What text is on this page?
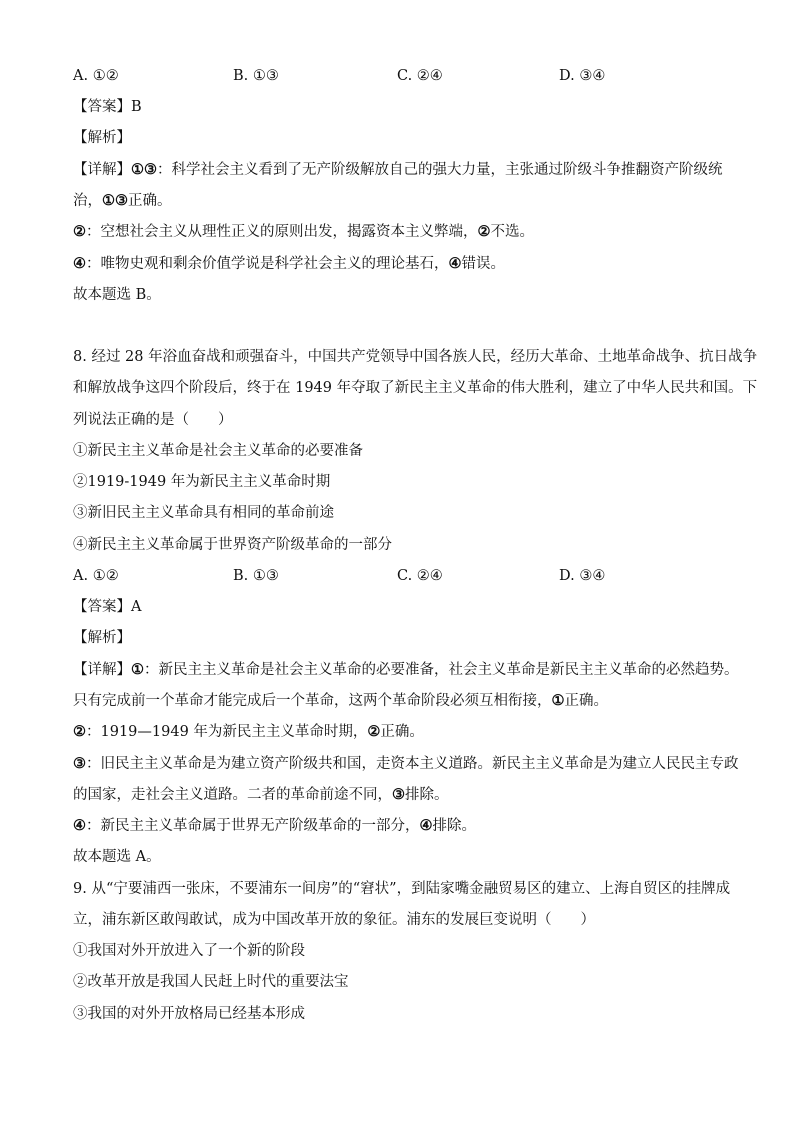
A. ①②	B. ①③	C. ②④	D. ③④
【答案】B
【解析】
【详解】①③：科学社会主义看到了无产阶级解放自己的强大力量，主张通过阶级斗争推翻资产阶级统
治，①③正确。
②：空想社会主义从理性正义的原则出发，揭露资本主义弊端，②不选。
④：唯物史观和剩余价值学说是科学社会主义的理论基石，④错误。
故本题选 B。
8. 经过 28 年浴血奋战和顽强奋斗，中国共产党领导中国各族人民，经历大革命、土地革命战争、抗日战争
和解放战争这四个阶段后，终于在 1949 年夺取了新民主主义革命的伟大胜利，建立了中华人民共和国。下
列说法正确的是（　　）
①新民主主义革命是社会主义革命的必要准备
②1919-1949 年为新民主主义革命时期
③新旧民主主义革命具有相同的革命前途
④新民主主义革命属于世界资产阶级革命的一部分
A. ①②	B. ①③	C. ②④	D. ③④
【答案】A
【解析】
【详解】①：新民主主义革命是社会主义革命的必要准备，社会主义革命是新民主主义革命的必然趋势。
只有完成前一个革命才能完成后一个革命，这两个革命阶段必须互相衔接，①正确。
②：1919—1949 年为新民主主义革命时期，②正确。
③：旧民主主义革命是为建立资产阶级共和国，走资本主义道路。新民主主义革命是为建立人民民主专政
的国家，走社会主义道路。二者的革命前途不同，③排除。
④：新民主主义革命属于世界无产阶级革命的一部分，④排除。
故本题选 A。
9. 从“宁要浦西一张床，不要浦东一间房”的“窘状”，到陆家嘴金融贸易区的建立、上海自贸区的挂牌成
立，浦东新区敢闯敢试，成为中国改革开放的象征。浦东的发展巨变说明（　　）
①我国对外开放进入了一个新的阶段
②改革开放是我国人民赶上时代的重要法宝
③我国的对外开放格局已经基本形成
